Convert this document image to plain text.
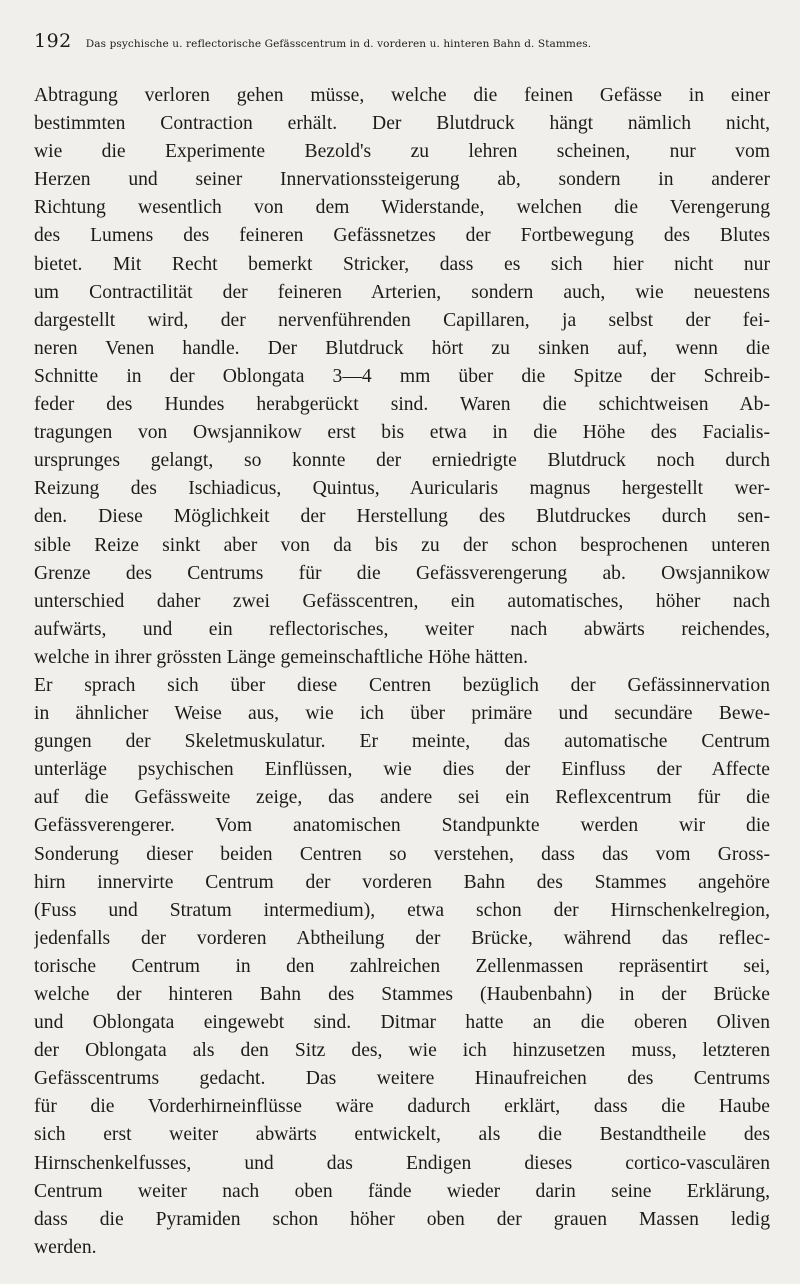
192 Das psychische u. reflectorische Gefässcentrum in d. vorderen u. hinteren Bahn d. Stammes.
Abtragung verloren gehen müsse, welche die feinen Gefässe in einer
bestimmten Contraction erhält. Der Blutdruck hängt nämlich nicht,
wie die Experimente Bezold's zu lehren scheinen, nur vom
Herzen und seiner Innervationssteigerung ab, sondern in anderer
Richtung wesentlich von dem Widerstande, welchen die Verengerung
des Lumens des feineren Gefässnetzes der Fortbewegung des Blutes
bietet. Mit Recht bemerkt Stricker, dass es sich hier nicht nur
um Contractilität der feineren Arterien, sondern auch, wie neuestens
dargestellt wird, der nervenführenden Capillaren, ja selbst der fei-
neren Venen handle. Der Blutdruck hört zu sinken auf, wenn die
Schnitte in der Oblongata 3—4 mm über die Spitze der Schreib-
feder des Hundes herabgerückt sind. Waren die schichtweisen Ab-
tragungen von Owsjannikow erst bis etwa in die Höhe des Facialis-
ursprunges gelangt, so konnte der erniedrigte Blutdruck noch durch
Reizung des Ischiadicus, Quintus, Auricularis magnus hergestellt wer-
den. Diese Möglichkeit der Herstellung des Blutdruckes durch sen-
sible Reize sinkt aber von da bis zu der schon besprochenen unteren
Grenze des Centrums für die Gefässverengerung ab. Owsjannikow
unterschied daher zwei Gefässcentren, ein automatisches, höher nach
aufwärts, und ein reflectorisches, weiter nach abwärts reichendes,
welche in ihrer grössten Länge gemeinschaftliche Höhe hätten.
Er sprach sich über diese Centren bezüglich der Gefässinnervation
in ähnlicher Weise aus, wie ich über primäre und secundäre Bewe-
gungen der Skeletmuskulatur. Er meinte, das automatische Centrum
unterläge psychischen Einflüssen, wie dies der Einfluss der Affecte
auf die Gefässweite zeige, das andere sei ein Reflexcentrum für die
Gefässverengerer. Vom anatomischen Standpunkte werden wir die
Sonderung dieser beiden Centren so verstehen, dass das vom Gross-
hirn innervirte Centrum der vorderen Bahn des Stammes angehöre
(Fuss und Stratum intermedium), etwa schon der Hirnschenkelregion,
jedenfalls der vorderen Abtheilung der Brücke, während das reflec-
torische Centrum in den zahlreichen Zellenmassen repräsentirt sei,
welche der hinteren Bahn des Stammes (Haubenbahn) in der Brücke
und Oblongata eingewebt sind. Ditmar hatte an die oberen Oliven
der Oblongata als den Sitz des, wie ich hinzusetzen muss, letzteren
Gefässcentrums gedacht. Das weitere Hinaufreichen des Centrums
für die Vorderhirneinflüsse wäre dadurch erklärt, dass die Haube
sich erst weiter abwärts entwickelt, als die Bestandtheile des
Hirnschenkelfusses, und das Endigen dieses cortico-vasculären
Centrum weiter nach oben fände wieder darin seine Erklärung,
dass die Pyramiden schon höher oben der grauen Massen ledig
werden.
